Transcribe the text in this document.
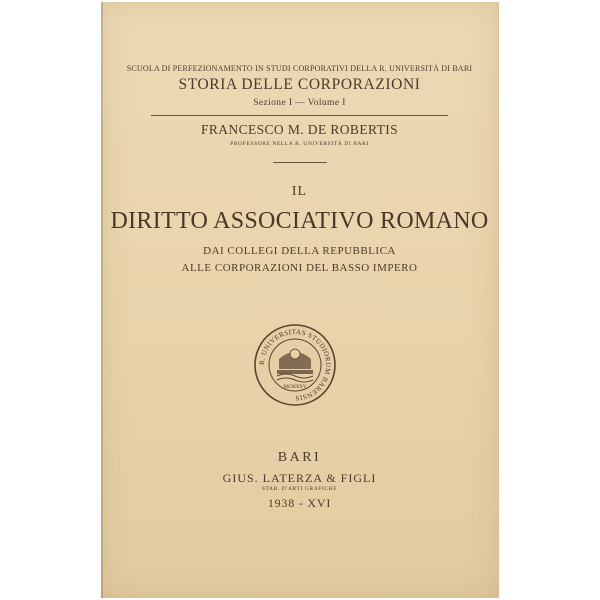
SCUOLA DI PERFEZIONAMENTO IN STUDI CORPORATIVI DELLA R. UNIVERSITÀ DI BARI
STORIA DELLE CORPORAZIONI
Sezione I — Volume I
FRANCESCO M. DE ROBERTIS
PROFESSORE NELLA R. UNIVERSITÀ DI BARI
IL
DIRITTO ASSOCIATIVO ROMANO
DAI COLLEGI DELLA REPUBBLICA
ALLE CORPORAZIONI DEL BASSO IMPERO
R. UNIVERSITAS STUDIORUM BARENSIS
MCMXXV
BARI
GIUS. LATERZA & FIGLI
STAB. D'ARTI GRAFICHE
1938 - XVI
